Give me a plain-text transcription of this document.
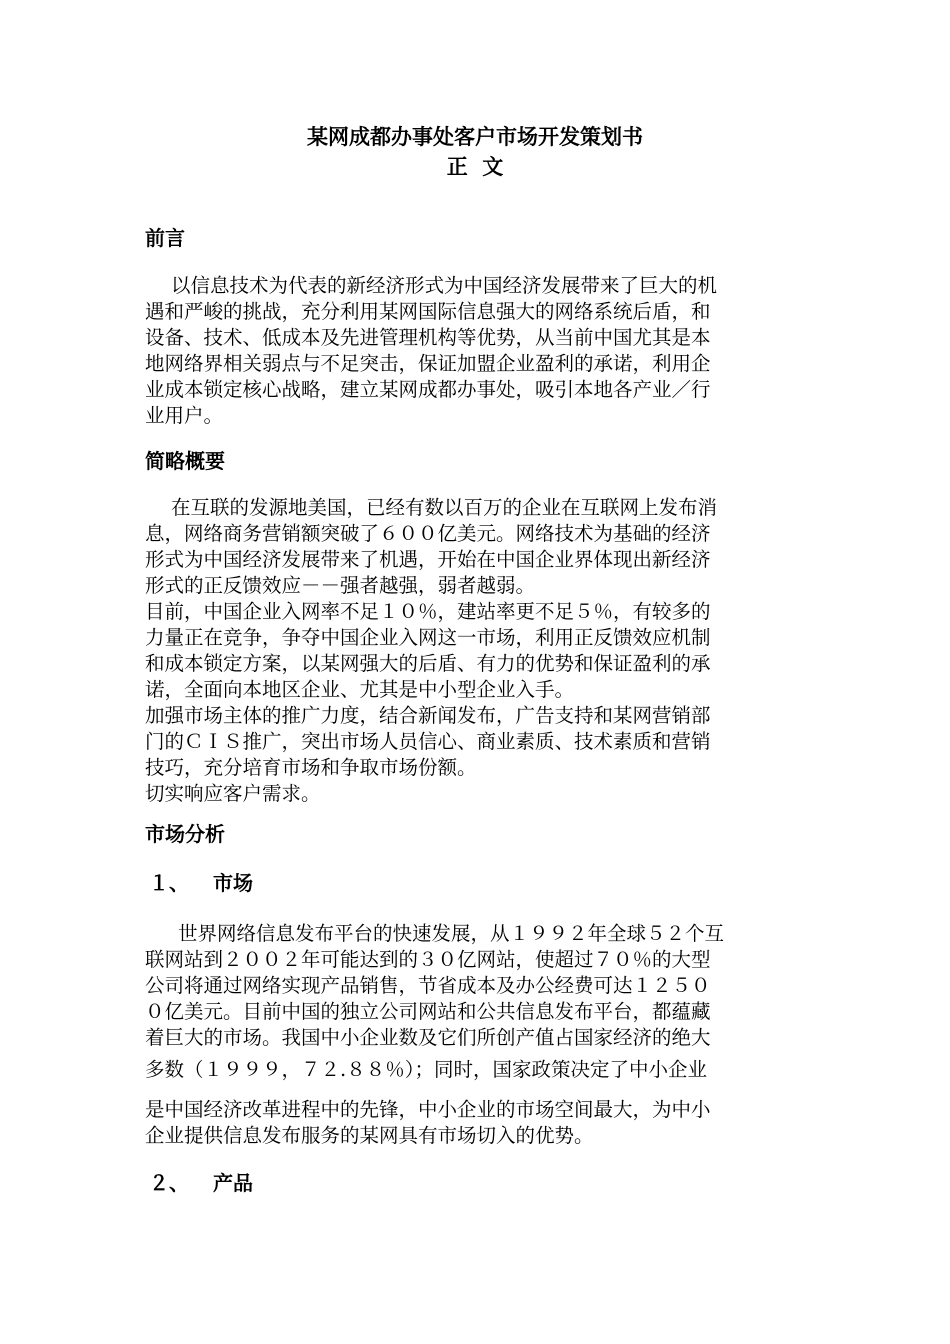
某网成都办事处客户市场开发策划书
正  文
前言
以信息技术为代表的新经济形式为中国经济发展带来了巨大的机
遇和严峻的挑战，充分利用某网国际信息强大的网络系统后盾，和
设备、技术、低成本及先进管理机构等优势，从当前中国尤其是本
地网络界相关弱点与不足突击，保证加盟企业盈利的承诺，利用企
业成本锁定核心战略，建立某网成都办事处，吸引本地各产业／行
业用户。
简略概要
在互联的发源地美国，已经有数以百万的企业在互联网上发布消
息，网络商务营销额突破了６００亿美元。网络技术为基础的经济
形式为中国经济发展带来了机遇，开始在中国企业界体现出新经济
形式的正反馈效应－－强者越强，弱者越弱。
目前，中国企业入网率不足１０％，建站率更不足５％，有较多的
力量正在竞争，争夺中国企业入网这一市场，利用正反馈效应机制
和成本锁定方案，以某网强大的后盾、有力的优势和保证盈利的承
诺，全面向本地区企业、尤其是中小型企业入手。
加强市场主体的推广力度，结合新闻发布，广告支持和某网营销部
门的ＣＩＳ推广，突出市场人员信心、商业素质、技术素质和营销
技巧，充分培育市场和争取市场份额。
切实响应客户需求。
市场分析
１、 市场
世界网络信息发布平台的快速发展，从１９９２年全球５２个互
联网站到２００２年可能达到的３０亿网站，使超过７０％的大型
公司将通过网络实现产品销售，节省成本及办公经费可达１２５０
０亿美元。目前中国的独立公司网站和公共信息发布平台，都蕴藏
着巨大的市场。我国中小企业数及它们所创产值占国家经济的绝大
多数（１９９９，７２.８８％）；同时，国家政策决定了中小企业
是中国经济改革进程中的先锋，中小企业的市场空间最大，为中小
企业提供信息发布服务的某网具有市场切入的优势。
２、 产品
